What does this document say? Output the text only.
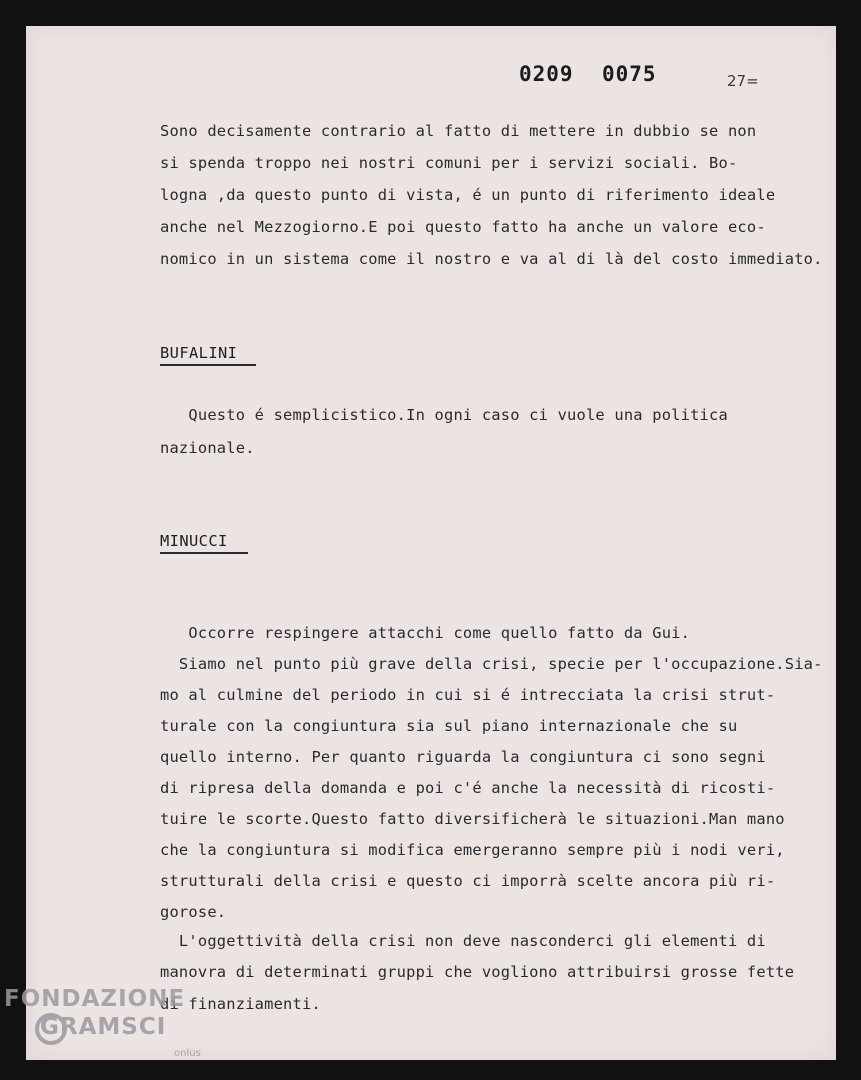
0209 0075	27=
Sono decisamente contrario al fatto di mettere in dubbio se non
si spenda troppo nei nostri comuni per i servizi sociali. Bo-
logna ,da questo punto di vista, é un punto di riferimento ideale
anche nel Mezzogiorno.E poi questo fatto ha anche un valore eco-
nomico in un sistema come il nostro e va al di là del costo immediato.
BUFALINI
Questo é semplicistico.In ogni caso ci vuole una politica
nazionale.
MINUCCI
Occorre respingere attacchi come quello fatto da Gui.
Siamo nel punto più grave della crisi, specie per l'occupazione.Sia-
mo al culmine del periodo in cui si é intrecciata la crisi strut-
turale con la congiuntura sia sul piano internazionale che su
quello interno. Per quanto riguarda la congiuntura ci sono segni
di ripresa della domanda e poi c'é anche la necessità di ricosti-
tuire le scorte.Questo fatto diversificherà le situazioni.Man mano
che la congiuntura si modifica emergeranno sempre più i nodi veri,
strutturali della crisi e questo ci imporrà scelte ancora più ri-
gorose.
L'oggettività della crisi non deve nasconderci gli elementi di
manovra di determinati gruppi che vogliono attribuirsi grosse fette
di finanziamenti.
FONDAZIONE
GRAMSCI
onlus
